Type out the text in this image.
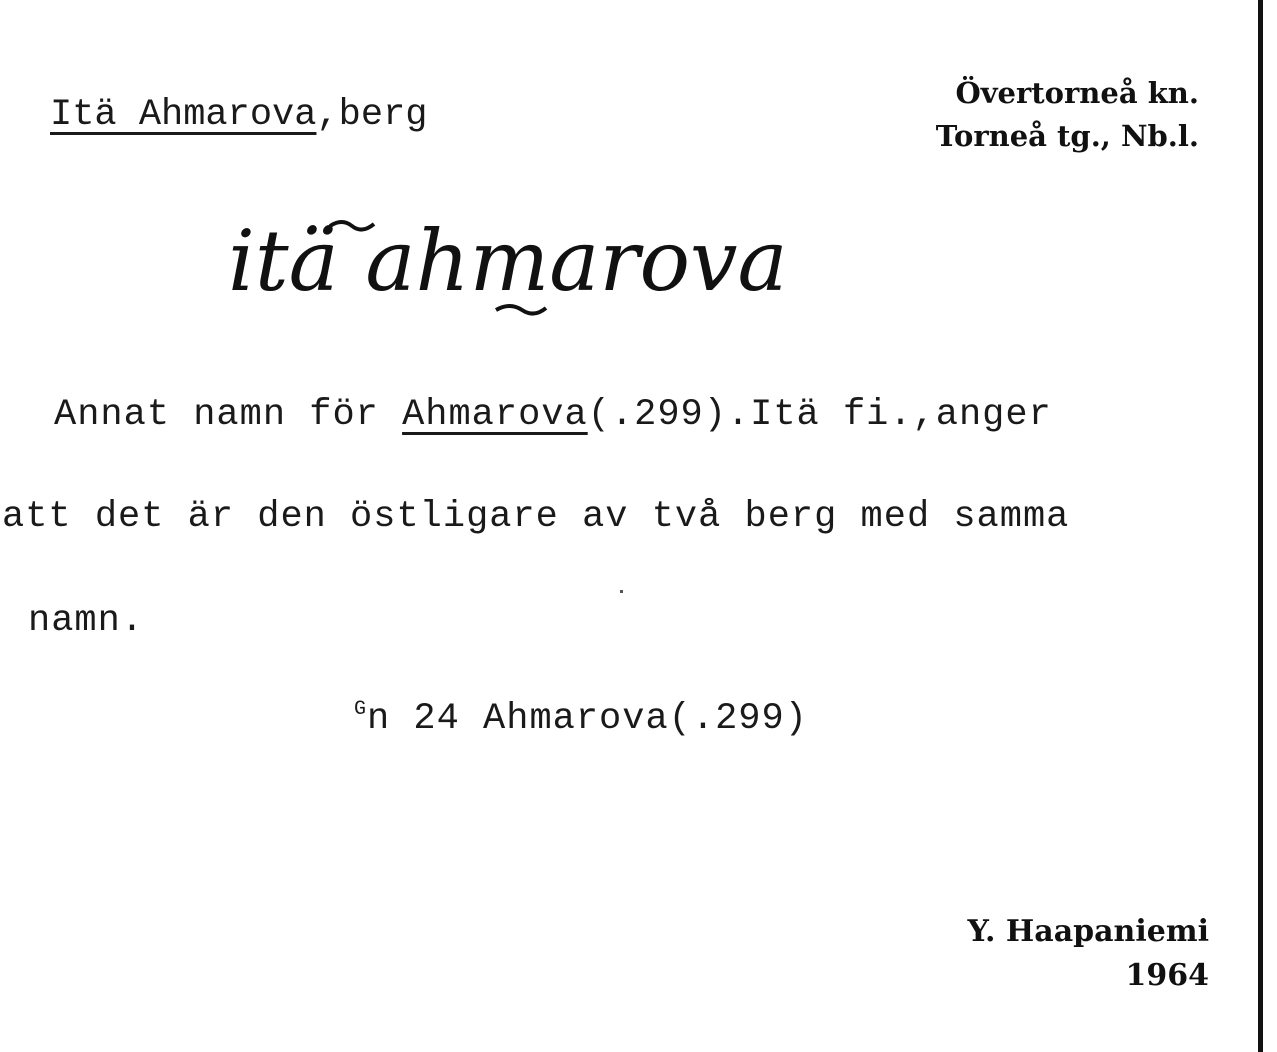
Itä Ahmarova,berg
Övertorneå kn.
Torneå tg., Nb.l.
itä ahmarova
Annat namn för Ahmarova(.299).Itä fi.,anger
att det är den östligare av två berg med samma
namn.
$^G$n 24 Ahmarova(.299)
Y. Haapaniemi
1964
